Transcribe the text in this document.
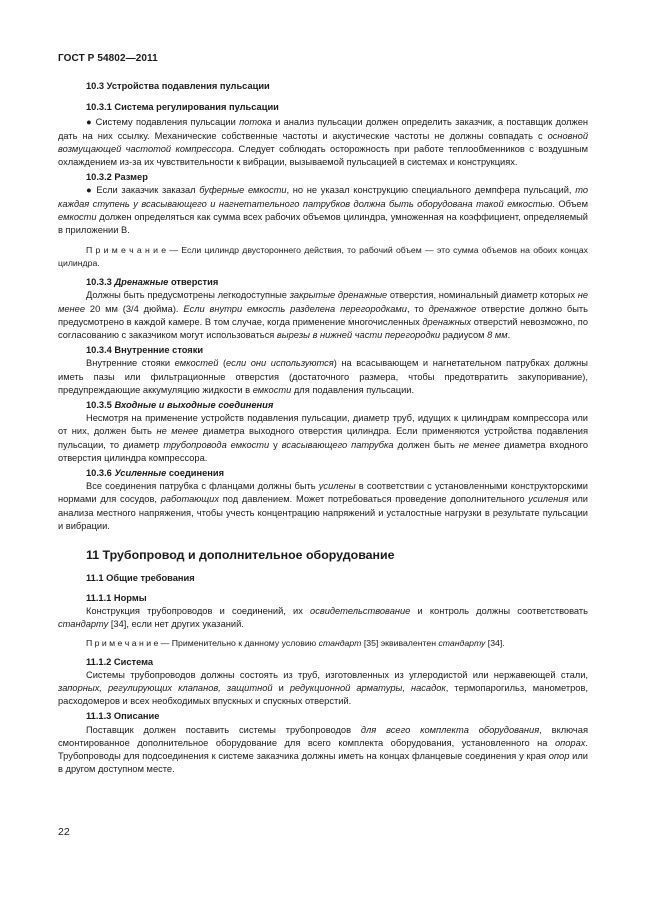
ГОСТ Р 54802—2011
10.3 Устройства подавления пульсации
10.3.1 Система регулирования пульсации
● Систему подавления пульсации потока и анализ пульсации должен определить заказчик, а поставщик должен дать на них ссылку. Механические собственные частоты и акустические частоты не должны совпадать с основной возмущающей частотой компрессора. Следует соблюдать осторожность при работе теплообменников с воздушным охлаждением из-за их чувствительности к вибрации, вызываемой пульсацией в системах и конструкциях.
10.3.2 Размер
● Если заказчик заказал буферные емкости, но не указал конструкцию специального демпфера пульсаций, то каждая ступень у всасывающего и нагнетательного патрубков должна быть оборудована такой емкостью. Объем емкости должен определяться как сумма всех рабочих объемов цилиндра, умноженная на коэффициент, определяемый в приложении В.
П р и м е ч а н и е — Если цилиндр двустороннего действия, то рабочий объем — это сумма объемов на обоих концах цилиндра.
10.3.3 Дренажные отверстия
Должны быть предусмотрены легкодоступные закрытые дренажные отверстия, номинальный диаметр которых не менее 20 мм (3/4 дюйма). Если внутри емкость разделена перегородками, то дренажное отверстие должно быть предусмотрено в каждой камере. В том случае, когда применение многочисленных дренажных отверстий невозможно, по согласованию с заказчиком могут использоваться вырезы в нижней части перегородки радиусом 8 мм.
10.3.4 Внутренние стояки
Внутренние стояки емкостей (если они используются) на всасывающем и нагнетательном патрубках должны иметь пазы или фильтрационные отверстия (достаточного размера, чтобы предотвратить закупоривание), предупреждающие аккумуляцию жидкости в емкости для подавления пульсации.
10.3.5 Входные и выходные соединения
Несмотря на применение устройств подавления пульсации, диаметр труб, идущих к цилиндрам компрессора или от них, должен быть не менее диаметра выходного отверстия цилиндра. Если применяются устройства подавления пульсации, то диаметр трубопровода емкости у всасывающего патрубка должен быть не менее диаметра входного отверстия цилиндра компрессора.
10.3.6 Усиленные соединения
Все соединения патрубка с фланцами должны быть усилены в соответствии с установленными конструкторскими нормами для сосудов, работающих под давлением. Может потребоваться проведение дополнительного усиления или анализа местного напряжения, чтобы учесть концентрацию напряжений и усталостные нагрузки в результате пульсации и вибрации.
11 Трубопровод и дополнительное оборудование
11.1 Общие требования
11.1.1 Нормы
Конструкция трубопроводов и соединений, их освидетельствование и контроль должны соответствовать стандарту [34], если нет других указаний.
П р и м е ч а н и е — Применительно к данному условию стандарт [35] эквивалентен стандарту [34].
11.1.2 Система
Системы трубопроводов должны состоять из труб, изготовленных из углеродистой или нержавеющей стали, запорных, регулирующих клапанов, защитной и редукционной арматуры, насадок, термопарогильз, манометров, расходомеров и всех необходимых впускных и спускных отверстий.
11.1.3 Описание
Поставщик должен поставить системы трубопроводов для всего комплекта оборудования, включая смонтированное дополнительное оборудование для всего комплекта оборудования, установленного на опорах. Трубопроводы для подсоединения к системе заказчика должны иметь на концах фланцевые соединения у края опор или в другом доступном месте.
22
